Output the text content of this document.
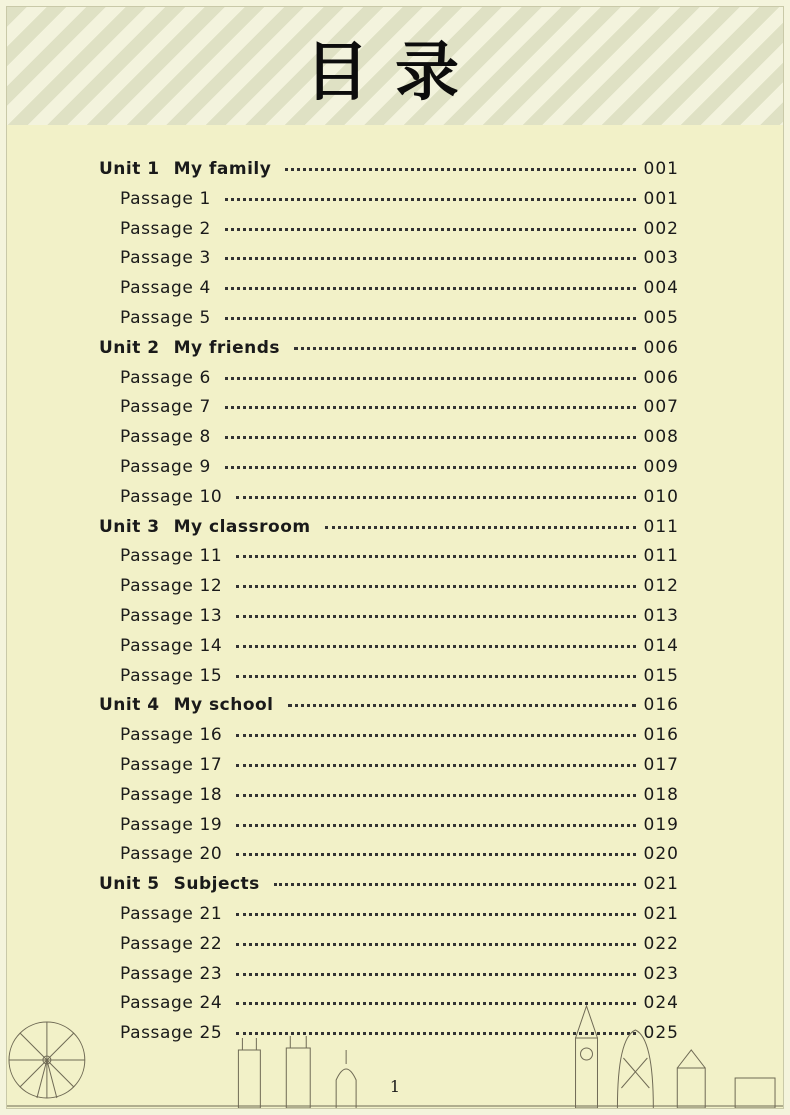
目录
Unit 1 My family	001
Passage 1	001
Passage 2	002
Passage 3	003
Passage 4	004
Passage 5	005
Unit 2 My friends	006
Passage 6	006
Passage 7	007
Passage 8	008
Passage 9	009
Passage 10	010
Unit 3 My classroom	011
Passage 11	011
Passage 12	012
Passage 13	013
Passage 14	014
Passage 15	015
Unit 4 My school	016
Passage 16	016
Passage 17	017
Passage 18	018
Passage 19	019
Passage 20	020
Unit 5 Subjects	021
Passage 21	021
Passage 22	022
Passage 23	023
Passage 24	024
Passage 25	025
1
